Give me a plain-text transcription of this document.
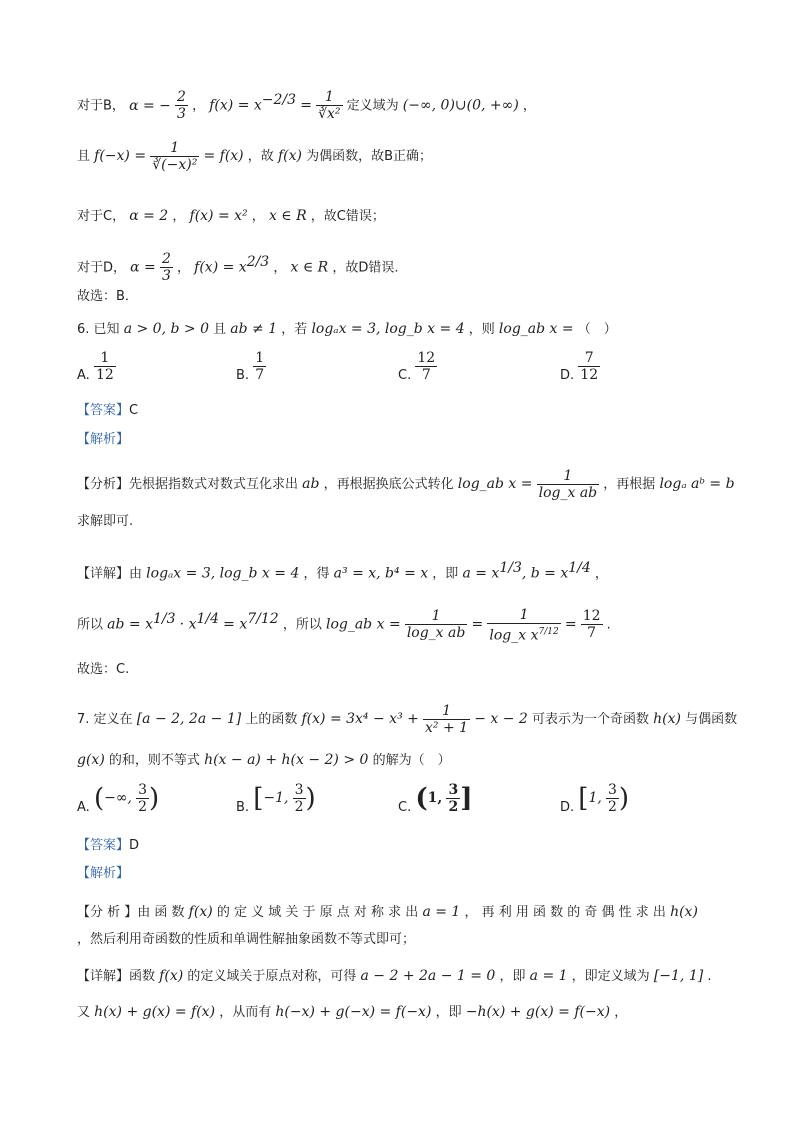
对于B， α = − $\frac{2}{3}$ ， $f(x) = x^{-2/3} = \frac{1}{\text{∛x²}}$ 定义域为 (−∞, 0)∪(0, +∞) ，
且 $f(-x) = \frac{1}{\text{∛(−x)²}} = f(x)$ ，故 f(x) 为偶函数，故B正确；
对于C， α = 2 ， f(x) = x² ， x ∈ R ，故C错误；
对于D， $\alpha = \frac{2}{3}$ ， $f(x) = x^{2/3}$ ， x ∈ R ，故D错误.
故选：B．
6. 已知 a > 0, b > 0 且 ab ≠ 1 ，若 logₐx = 3, log_b x = 4 ，则 log_ab x = （　）
A. $\frac{1}{12}$	B. $\frac{1}{7}$	C. $\frac{12}{7}$	D. $\frac{7}{12}$
【答案】C
【解析】
【分析】先根据指数式对数式互化求出 ab ，再根据换底公式转化 log_ab $x = \frac{1}{\text{log\_x ab}}$ ，再根据 logₐ aᵇ = b
求解即可.
【详解】由 logₐx = 3, log_b x = 4 ，得 a³ = x, b⁴ = x ，即 $a = x^{1/3}$, $b = x^{1/4}$ ，
所以 ab = $x^{1/3} \cdot x^{1/4} = x^{7/12}$ ，所以 log_ab $x = \frac{1}{\text{log\_x ab}} = \frac{1}{\log\_x x^{7/12}} = \frac{12}{7}$ .
故选：C.
7. 定义在 [a − 2, 2a − 1] 上的函数 $f(x) = 3x^4 - x^3 + \frac{1}{\text{x² + 1}} - x - 2$ 可表示为一个奇函数 h(x) 与偶函数
g(x) 的和，则不等式 h(x − a) + h(x − 2) > 0 的解为（　）
A. (−∞, $\frac{3}{2}$ )	B. [−1, $\frac{3}{2}$ )	C. (1, $\frac{3}{2}$ ]	D. [1, $\frac{3}{2}$ )
【答案】D
【解析】
【分 析 】由 函 数 f(x) 的 定 义 域 关 于 原 点 对 称 求 出 a = 1 ， 再 利 用 函 数 的 奇 偶 性 求 出 h(x)
，然后利用奇函数的性质和单调性解抽象函数不等式即可；
【详解】函数 f(x) 的定义域关于原点对称，可得 a − 2 + 2a − 1 = 0 ，即 a = 1 ，即定义域为 [−1, 1] .
又 h(x) + g(x) = f(x) ，从而有 h(−x) + g(−x) = f(−x) ，即 −h(x) + g(x) = f(−x) ，
